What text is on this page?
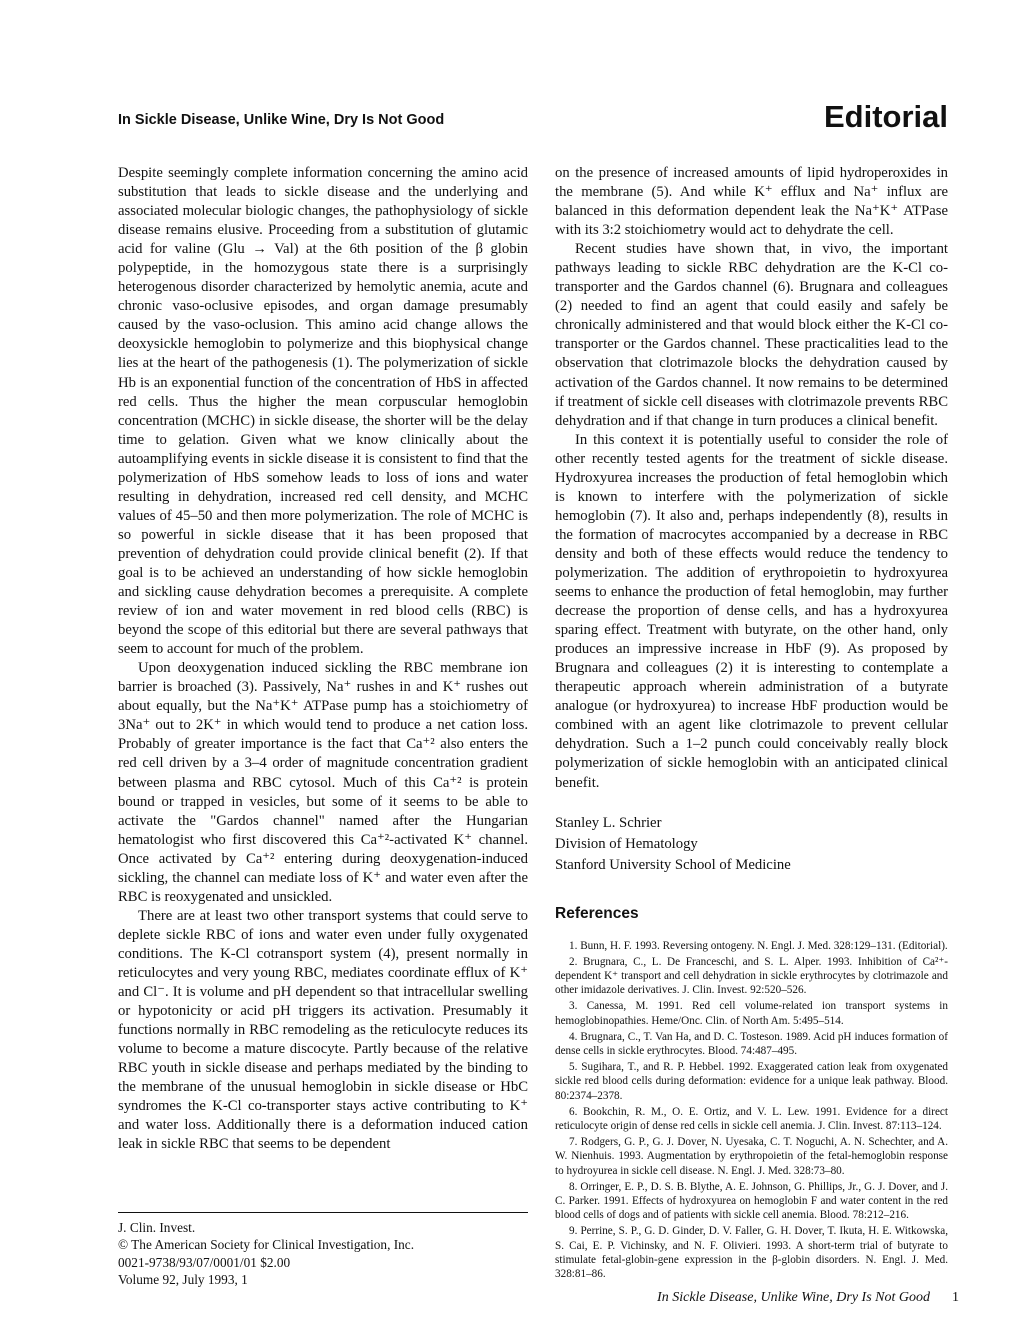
In Sickle Disease, Unlike Wine, Dry Is Not Good	Editorial

Despite seemingly complete information concerning the amino acid substitution that leads to sickle disease and the underlying and associated molecular biologic changes, the pathophysiology of sickle disease remains elusive. Proceeding from a substitution of glutamic acid for valine (Glu → Val) at the 6th position of the β globin polypeptide, in the homozygous state there is a surprisingly heterogenous disorder characterized by hemolytic anemia, acute and chronic vaso-oclusive episodes, and organ damage presumably caused by the vaso-oclusion. This amino acid change allows the deoxysickle hemoglobin to polymerize and this biophysical change lies at the heart of the pathogenesis (1). The polymerization of sickle Hb is an exponential function of the concentration of HbS in affected red cells. Thus the higher the mean corpuscular hemoglobin concentration (MCHC) in sickle disease, the shorter will be the delay time to gelation. Given what we know clinically about the autoamplifying events in sickle disease it is consistent to find that the polymerization of HbS somehow leads to loss of ions and water resulting in dehydration, increased red cell density, and MCHC values of 45–50 and then more polymerization. The role of MCHC is so powerful in sickle disease that it has been proposed that prevention of dehydration could provide clinical benefit (2). If that goal is to be achieved an understanding of how sickle hemoglobin and sickling cause dehydration becomes a prerequisite. A complete review of ion and water movement in red blood cells (RBC) is beyond the scope of this editorial but there are several pathways that seem to account for much of the problem.

Upon deoxygenation induced sickling the RBC membrane ion barrier is broached (3). Passively, Na⁺ rushes in and K⁺ rushes out about equally, but the Na⁺K⁺ ATPase pump has a stoichiometry of 3Na⁺ out to 2K⁺ in which would tend to produce a net cation loss. Probably of greater importance is the fact that Ca⁺² also enters the red cell driven by a 3–4 order of magnitude concentration gradient between plasma and RBC cytosol. Much of this Ca⁺² is protein bound or trapped in vesicles, but some of it seems to be able to activate the "Gardos channel" named after the Hungarian hematologist who first discovered this Ca⁺²-activated K⁺ channel. Once activated by Ca⁺² entering during deoxygenation-induced sickling, the channel can mediate loss of K⁺ and water even after the RBC is reoxygenated and unsickled.

There are at least two other transport systems that could serve to deplete sickle RBC of ions and water even under fully oxygenated conditions. The K-Cl cotransport system (4), present normally in reticulocytes and very young RBC, mediates coordinate efflux of K⁺ and Cl⁻. It is volume and pH dependent so that intracellular swelling or hypotonicity or acid pH triggers its activation. Presumably it functions normally in RBC remodeling as the reticulocyte reduces its volume to become a mature discocyte. Partly because of the relative RBC youth in sickle disease and perhaps mediated by the binding to the membrane of the unusual hemoglobin in sickle disease or HbC syndromes the K-Cl co-transporter stays active contributing to K⁺ and water loss. Additionally there is a deformation induced cation leak in sickle RBC that seems to be dependent

on the presence of increased amounts of lipid hydroperoxides in the membrane (5). And while K⁺ efflux and Na⁺ influx are balanced in this deformation dependent leak the Na⁺K⁺ ATPase with its 3:2 stoichiometry would act to dehydrate the cell.

Recent studies have shown that, in vivo, the important pathways leading to sickle RBC dehydration are the K-Cl co-transporter and the Gardos channel (6). Brugnara and colleagues (2) needed to find an agent that could easily and safely be chronically administered and that would block either the K-Cl co-transporter or the Gardos channel. These practicalities lead to the observation that clotrimazole blocks the dehydration caused by activation of the Gardos channel. It now remains to be determined if treatment of sickle cell diseases with clotrimazole prevents RBC dehydration and if that change in turn produces a clinical benefit.

In this context it is potentially useful to consider the role of other recently tested agents for the treatment of sickle disease. Hydroxyurea increases the production of fetal hemoglobin which is known to interfere with the polymerization of sickle hemoglobin (7). It also and, perhaps independently (8), results in the formation of macrocytes accompanied by a decrease in RBC density and both of these effects would reduce the tendency to polymerization. The addition of erythropoietin to hydroxyurea seems to enhance the production of fetal hemoglobin, may further decrease the proportion of dense cells, and has a hydroxyurea sparing effect. Treatment with butyrate, on the other hand, only produces an impressive increase in HbF (9). As proposed by Brugnara and colleagues (2) it is interesting to contemplate a therapeutic approach wherein administration of a butyrate analogue (or hydroxyurea) to increase HbF production would be combined with an agent like clotrimazole to prevent cellular dehydration. Such a 1–2 punch could conceivably really block polymerization of sickle hemoglobin with an anticipated clinical benefit.

Stanley L. Schrier
Division of Hematology
Stanford University School of Medicine
References

1. Bunn, H. F. 1993. Reversing ontogeny. N. Engl. J. Med. 328:129–131. (Editorial).

2. Brugnara, C., L. De Franceschi, and S. L. Alper. 1993. Inhibition of Ca²⁺-dependent K⁺ transport and cell dehydration in sickle erythrocytes by clotrimazole and other imidazole derivatives. J. Clin. Invest. 92:520–526.

3. Canessa, M. 1991. Red cell volume-related ion transport systems in hemoglobinopathies. Heme/Onc. Clin. of North Am. 5:495–514.

4. Brugnara, C., T. Van Ha, and D. C. Tosteson. 1989. Acid pH induces formation of dense cells in sickle erythrocytes. Blood. 74:487–495.

5. Sugihara, T., and R. P. Hebbel. 1992. Exaggerated cation leak from oxygenated sickle red blood cells during deformation: evidence for a unique leak pathway. Blood. 80:2374–2378.

6. Bookchin, R. M., O. E. Ortiz, and V. L. Lew. 1991. Evidence for a direct reticulocyte origin of dense red cells in sickle cell anemia. J. Clin. Invest. 87:113–124.

7. Rodgers, G. P., G. J. Dover, N. Uyesaka, C. T. Noguchi, A. N. Schechter, and A. W. Nienhuis. 1993. Augmentation by erythropoietin of the fetal-hemoglobin response to hydroyurea in sickle cell disease. N. Engl. J. Med. 328:73–80.

8. Orringer, E. P., D. S. B. Blythe, A. E. Johnson, G. Phillips, Jr., G. J. Dover, and J. C. Parker. 1991. Effects of hydroxyurea on hemoglobin F and water content in the red blood cells of dogs and of patients with sickle cell anemia. Blood. 78:212–216.

9. Perrine, S. P., G. D. Ginder, D. V. Faller, G. H. Dover, T. Ikuta, H. E. Witkowska, S. Cai, E. P. Vichinsky, and N. F. Olivieri. 1993. A short-term trial of butyrate to stimulate fetal-globin-gene expression in the β-globin disorders. N. Engl. J. Med. 328:81–86.

J. Clin. Invest.
© The American Society for Clinical Investigation, Inc.
0021-9738/93/07/0001/01 $2.00
Volume 92, July 1993, 1
In Sickle Disease, Unlike Wine, Dry Is Not Good 1
